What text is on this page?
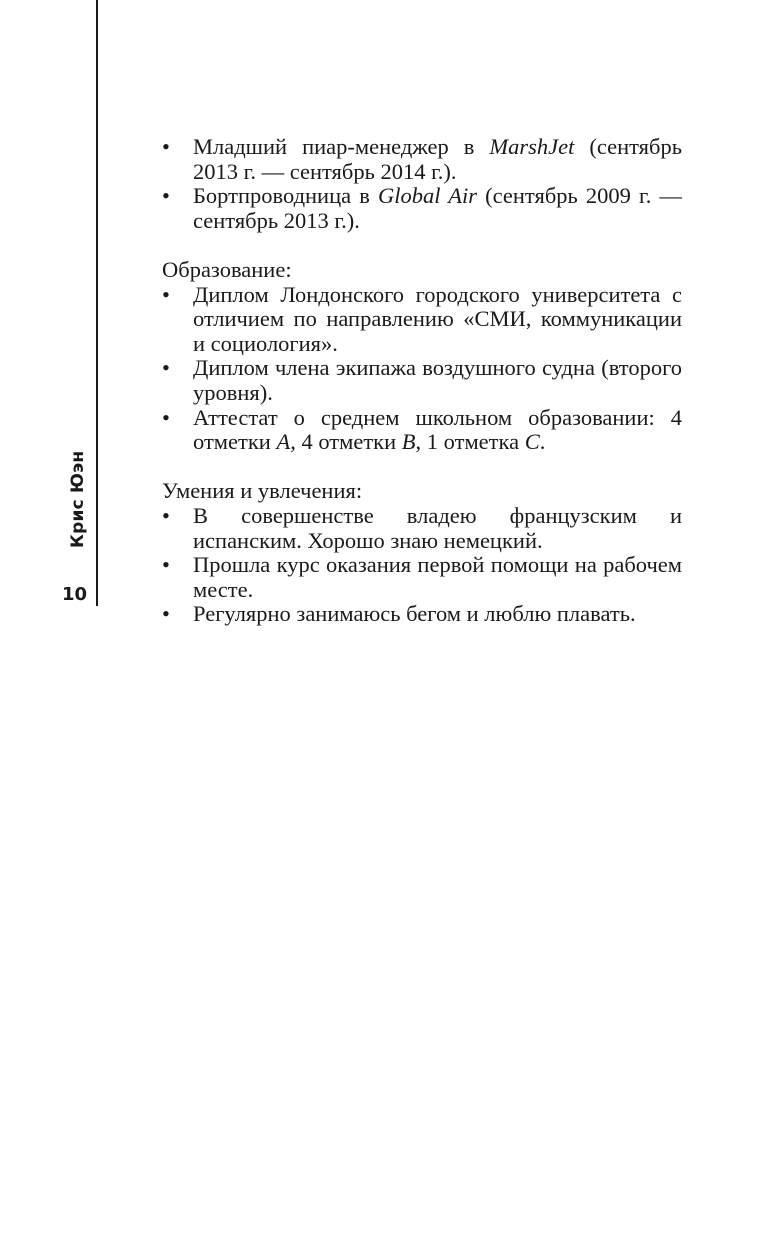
Крис Юэн
10
• Младший пиар-менеджер в MarshJet (сентябрь 2013 г. — сентябрь 2014 г.).
• Бортпроводница в Global Air (сентябрь 2009 г. — сентябрь 2013 г.).

Образование:

• Диплом Лондонского городского университета с отличием по направлению «СМИ, коммуникации и социология».
• Диплом члена экипажа воздушного судна (второго уровня).
• Аттестат о среднем школьном образовании: 4 отметки A, 4 отметки B, 1 отметка C.

Умения и увлечения:

• В совершенстве владею французским и испанским. Хорошо знаю немецкий.
• Прошла курс оказания первой помощи на рабочем месте.
• Регулярно занимаюсь бегом и люблю плавать.
